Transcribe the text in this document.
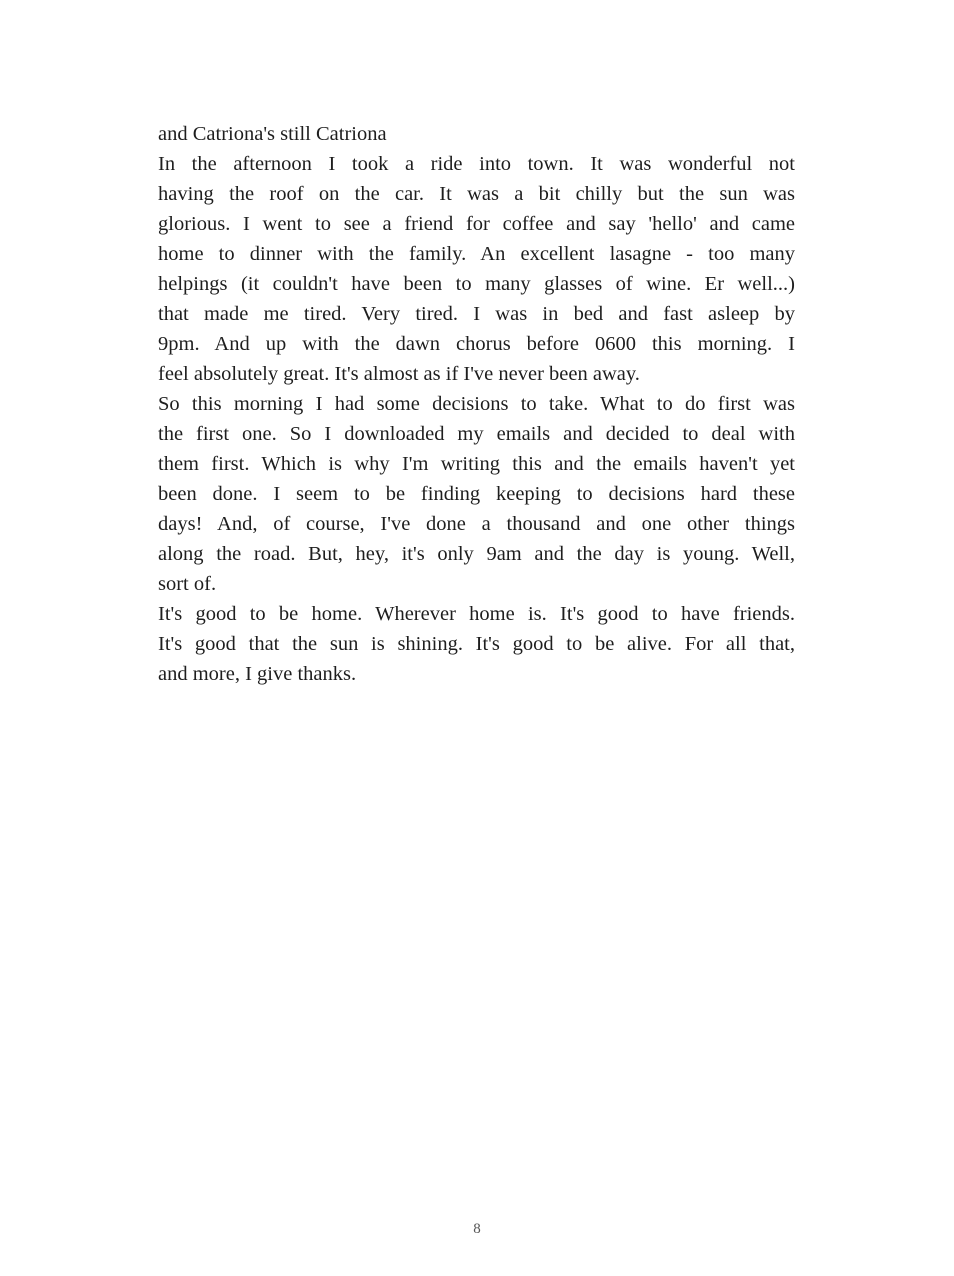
and Catriona's still Catriona
In the afternoon I took a ride into town. It was wonderful not
having the roof on the car. It was a bit chilly but the sun was
glorious. I went to see a friend for coffee and say 'hello' and came
home to dinner with the family. An excellent lasagne - too many
helpings (it couldn't have been to many glasses of wine. Er well...)
that made me tired. Very tired. I was in bed and fast asleep by
9pm. And up with the dawn chorus before 0600 this morning. I
feel absolutely great. It's almost as if I've never been away.
So this morning I had some decisions to take. What to do first was
the first one. So I downloaded my emails and decided to deal with
them first. Which is why I'm writing this and the emails haven't yet
been done. I seem to be finding keeping to decisions hard these
days! And, of course, I've done a thousand and one other things
along the road. But, hey, it's only 9am and the day is young. Well,
sort of.
It's good to be home. Wherever home is. It's good to have friends.
It's good that the sun is shining. It's good to be alive. For all that,
and more, I give thanks.
8
